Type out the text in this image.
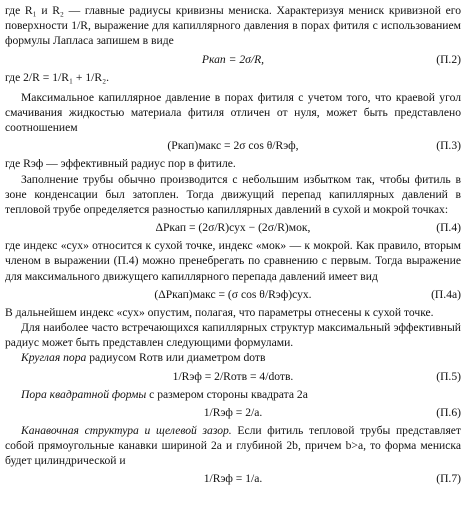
где R₁ и R₂ — главные радиусы кривизны мениска. Характеризуя мениск кривизной его поверхности 1/R, выражение для капиллярного давления в порах фитиля с использованием формулы Лапласа запишем в виде

Pкап = 2σ/R,	(П.2)

где 2/R = 1/R₁ + 1/R₂.

Максимальное капиллярное давление в порах фитиля с учетом того, что краевой угол смачивания жидкостью материала фитиля отличен от нуля, может быть представлено соотношением

(Pкап)макс = 2σ cos θ/Rэф,	(П.3)

где Rэф — эффективный радиус пор в фитиле.

Заполнение трубы обычно производится с небольшим избытком так, чтобы фитиль в зоне конденсации был затоплен. Тогда движущий перепад капиллярных давлений в тепловой трубе определяется разностью капиллярных давлений в сухой и мокрой точках:

ΔPкап = (2σ/R)сух − (2σ/R)мок,	(П.4)

где индекс «сух» относится к сухой точке, индекс «мок» — к мокрой. Как правило, вторым членом в выражении (П.4) можно пренебрегать по сравнению с первым. Тогда выражение для максимального движущего капиллярного перепада давлений имеет вид

(ΔPкап)макс = (σ cos θ/Rэф)сух.	(П.4а)

В дальнейшем индекс «сух» опустим, полагая, что параметры отнесены к сухой точке.

Для наиболее часто встречающихся капиллярных структур максимальный эффективный радиус может быть представлен следующими формулами.

Круглая пора радиусом Rотв или диаметром dотв

1/Rэф = 2/Rотв = 4/dотв.	(П.5)

Пора квадратной формы с размером стороны квадрата 2a

1/Rэф = 2/a.	(П.6)

Канавочная структура и щелевой зазор. Если фитиль тепловой трубы представляет собой прямоугольные канавки шириной 2a и глубиной 2b, причем b>a, то форма мениска будет цилиндрической и

1/Rэф = 1/a.	(П.7)
